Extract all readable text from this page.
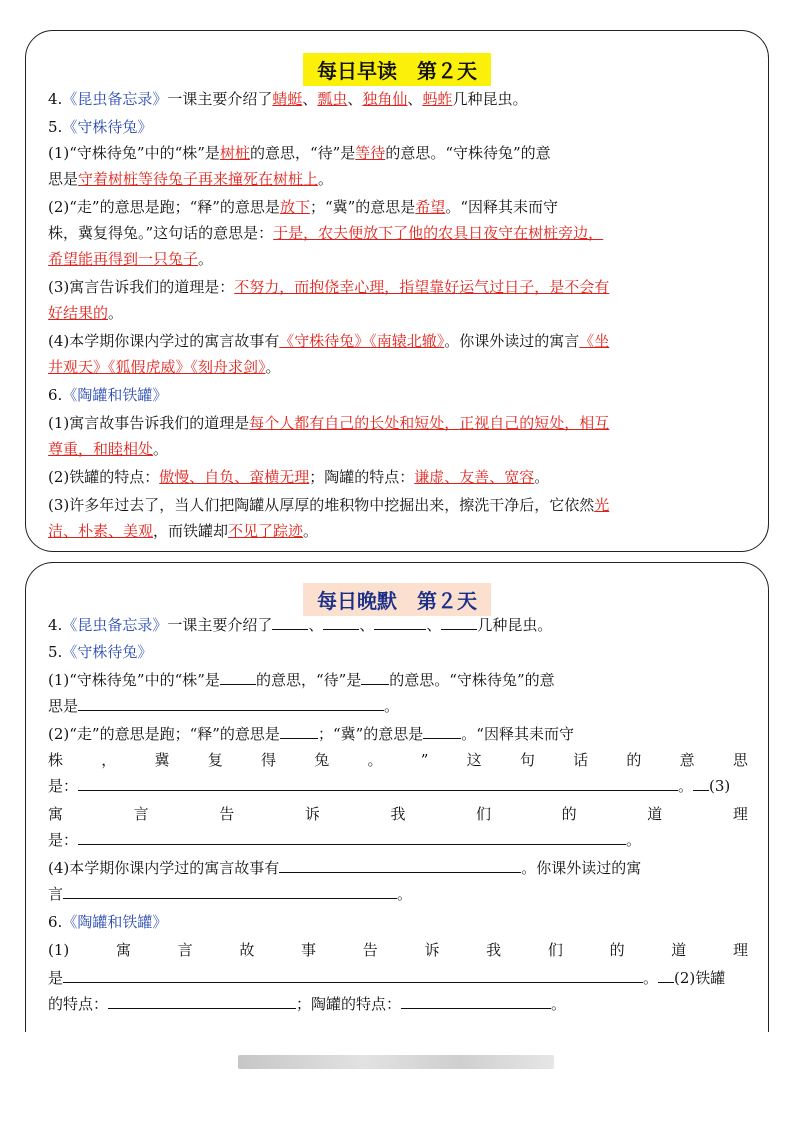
每日早读　第２天
4.《昆虫备忘录》一课主要介绍了蜻蜓、瓢虫、独角仙、蚂蚱几种昆虫。
5.《守株待兔》
(1)“守株待兔”中的“株”是树桩的意思，“待”是等待的意思。“守株待兔”的意
思是守着树桩等待兔子再来撞死在树桩上。
(2)“走”的意思是跑；“释”的意思是放下；“冀”的意思是希望。“因释其耒而守
株，冀复得兔。”这句话的意思是：于是，农夫便放下了他的农具日夜守在树桩旁边，
希望能再得到一只兔子。
(3)寓言告诉我们的道理是：不努力，而抱侥幸心理，指望靠好运气过日子，是不会有
好结果的。
(4)本学期你课内学过的寓言故事有《守株待兔》《南辕北辙》。你课外读过的寓言《坐
井观天》《狐假虎威》《刻舟求剑》。
6.《陶罐和铁罐》
(1)寓言故事告诉我们的道理是每个人都有自己的长处和短处，正视自己的短处，相互
尊重，和睦相处。
(2)铁罐的特点：傲慢、自负、蛮横无理；陶罐的特点：谦虚、友善、宽容。
(3)许多年过去了，当人们把陶罐从厚厚的堆积物中挖掘出来，擦洗干净后，它依然光
洁、朴素、美观，而铁罐却不见了踪迹。
每日晚默　第２天
4.《昆虫备忘录》一课主要介绍了 、 、	、 几种昆虫。
5.《守株待兔》
(1)“守株待兔”中的“株”是 的意思，“待”是 的意思。“守株待兔”的意
思是	。
(2)“走”的意思是跑；“释”的意思是	；“冀”的意思是	。“因释其耒而守
株	，	冀	复	得	兔	。	”	这	句	话	的	意	思
是：	。 (3)
寓	言	告	诉	我	们	的	道	理
是：	。
(4)本学期你课内学过的寓言故事有	。你课外读过的寓
言	。
6.《陶罐和铁罐》
(1)	寓	言	故	事	告	诉	我	们	的	道	理
是	。 (2)铁罐
的特点：	；陶罐的特点：	。
